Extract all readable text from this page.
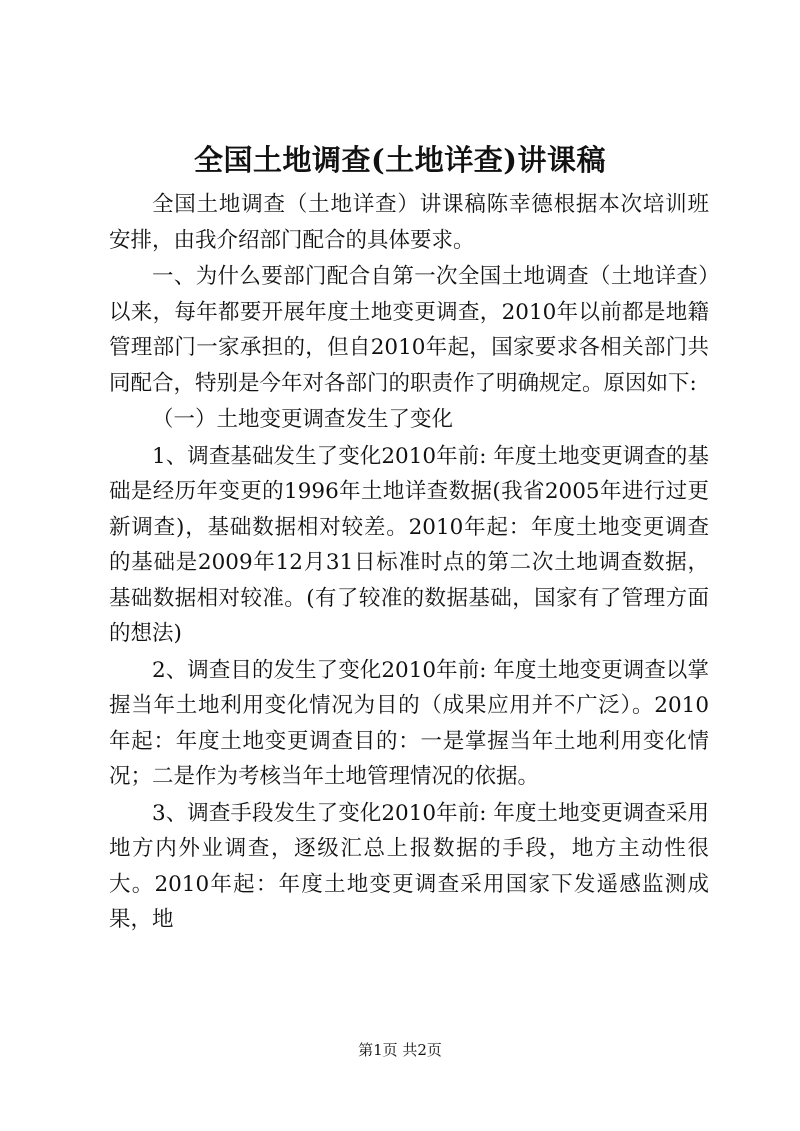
全国土地调查(土地详查)讲课稿

全国土地调查（土地详查）讲课稿陈幸德根据本次培训班安排，由我介绍部门配合的具体要求。

一、为什么要部门配合自第一次全国土地调查（土地详查）以来，每年都要开展年度土地变更调查，2010年以前都是地籍管理部门一家承担的，但自2010年起，国家要求各相关部门共同配合，特别是今年对各部门的职责作了明确规定。原因如下:

（一）土地变更调查发生了变化

1、调查基础发生了变化2010年前: 年度土地变更调查的基础是经历年变更的1996年土地详查数据(我省2005年进行过更新调查)，基础数据相对较差。2010年起：年度土地变更调查的基础是2009年12月31日标准时点的第二次土地调查数据，基础数据相对较准。(有了较准的数据基础，国家有了管理方面的想法)

2、调查目的发生了变化2010年前: 年度土地变更调查以掌握当年土地利用变化情况为目的（成果应用并不广泛）。2010年起：年度土地变更调查目的：一是掌握当年土地利用变化情况；二是作为考核当年土地管理情况的依据。

3、调查手段发生了变化2010年前: 年度土地变更调查采用地方内外业调查，逐级汇总上报数据的手段，地方主动性很大。2010年起：年度土地变更调查采用国家下发遥感监测成果，地

第1页 共2页
